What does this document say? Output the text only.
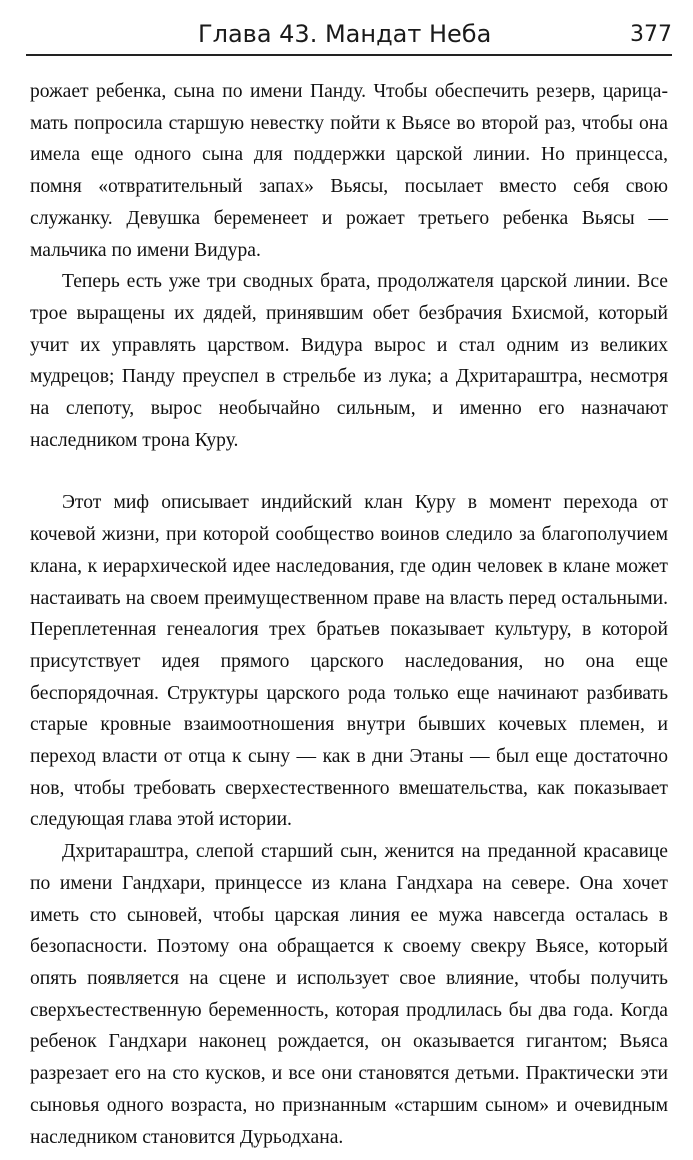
Глава 43. Мандат Неба	377

рожает ребенка, сына по имени Панду. Чтобы обеспечить резерв, царица-мать попросила старшую невестку пойти к Вьясе во второй раз, чтобы она имела еще одного сына для поддержки царской линии. Но принцесса, помня «отвратительный запах» Вьясы, посылает вместо себя свою служанку. Девушка беременеет и рожает третьего ребенка Вьясы — мальчика по имени Видура.

Теперь есть уже три сводных брата, продолжателя царской линии. Все трое выращены их дядей, принявшим обет безбрачия Бхисмой, который учит их управлять царством. Видура вырос и стал одним из великих мудрецов; Панду преуспел в стрельбе из лука; а Дхритараштра, несмотря на слепоту, вырос необычайно сильным, и именно его назначают наследником трона Куру.

Этот миф описывает индийский клан Куру в момент перехода от кочевой жизни, при которой сообщество воинов следило за благополучием клана, к иерархической идее наследования, где один человек в клане может настаивать на своем преимущественном праве на власть перед остальными. Переплетенная генеалогия трех братьев показывает культуру, в которой присутствует идея прямого царского наследования, но она еще беспорядочная. Структуры царского рода только еще начинают разбивать старые кровные взаимоотношения внутри бывших кочевых племен, и переход власти от отца к сыну — как в дни Этаны — был еще достаточно нов, чтобы требовать сверхестественного вмешательства, как показывает следующая глава этой истории.

Дхритараштра, слепой старший сын, женится на преданной красавице по имени Гандхари, принцессе из клана Гандхара на севере. Она хочет иметь сто сыновей, чтобы царская линия ее мужа навсегда осталась в безопасности. Поэтому она обращается к своему свекру Вьясе, который опять появляется на сцене и использует свое влияние, чтобы получить сверхъестественную беременность, которая продлилась бы два года. Когда ребенок Гандхари наконец рождается, он оказывается гигантом; Вьяса разрезает его на сто кусков, и все они становятся детьми. Практически эти сыновья одного возраста, но признанным «старшим сыном» и очевидным наследником становится Дурьодхана.
